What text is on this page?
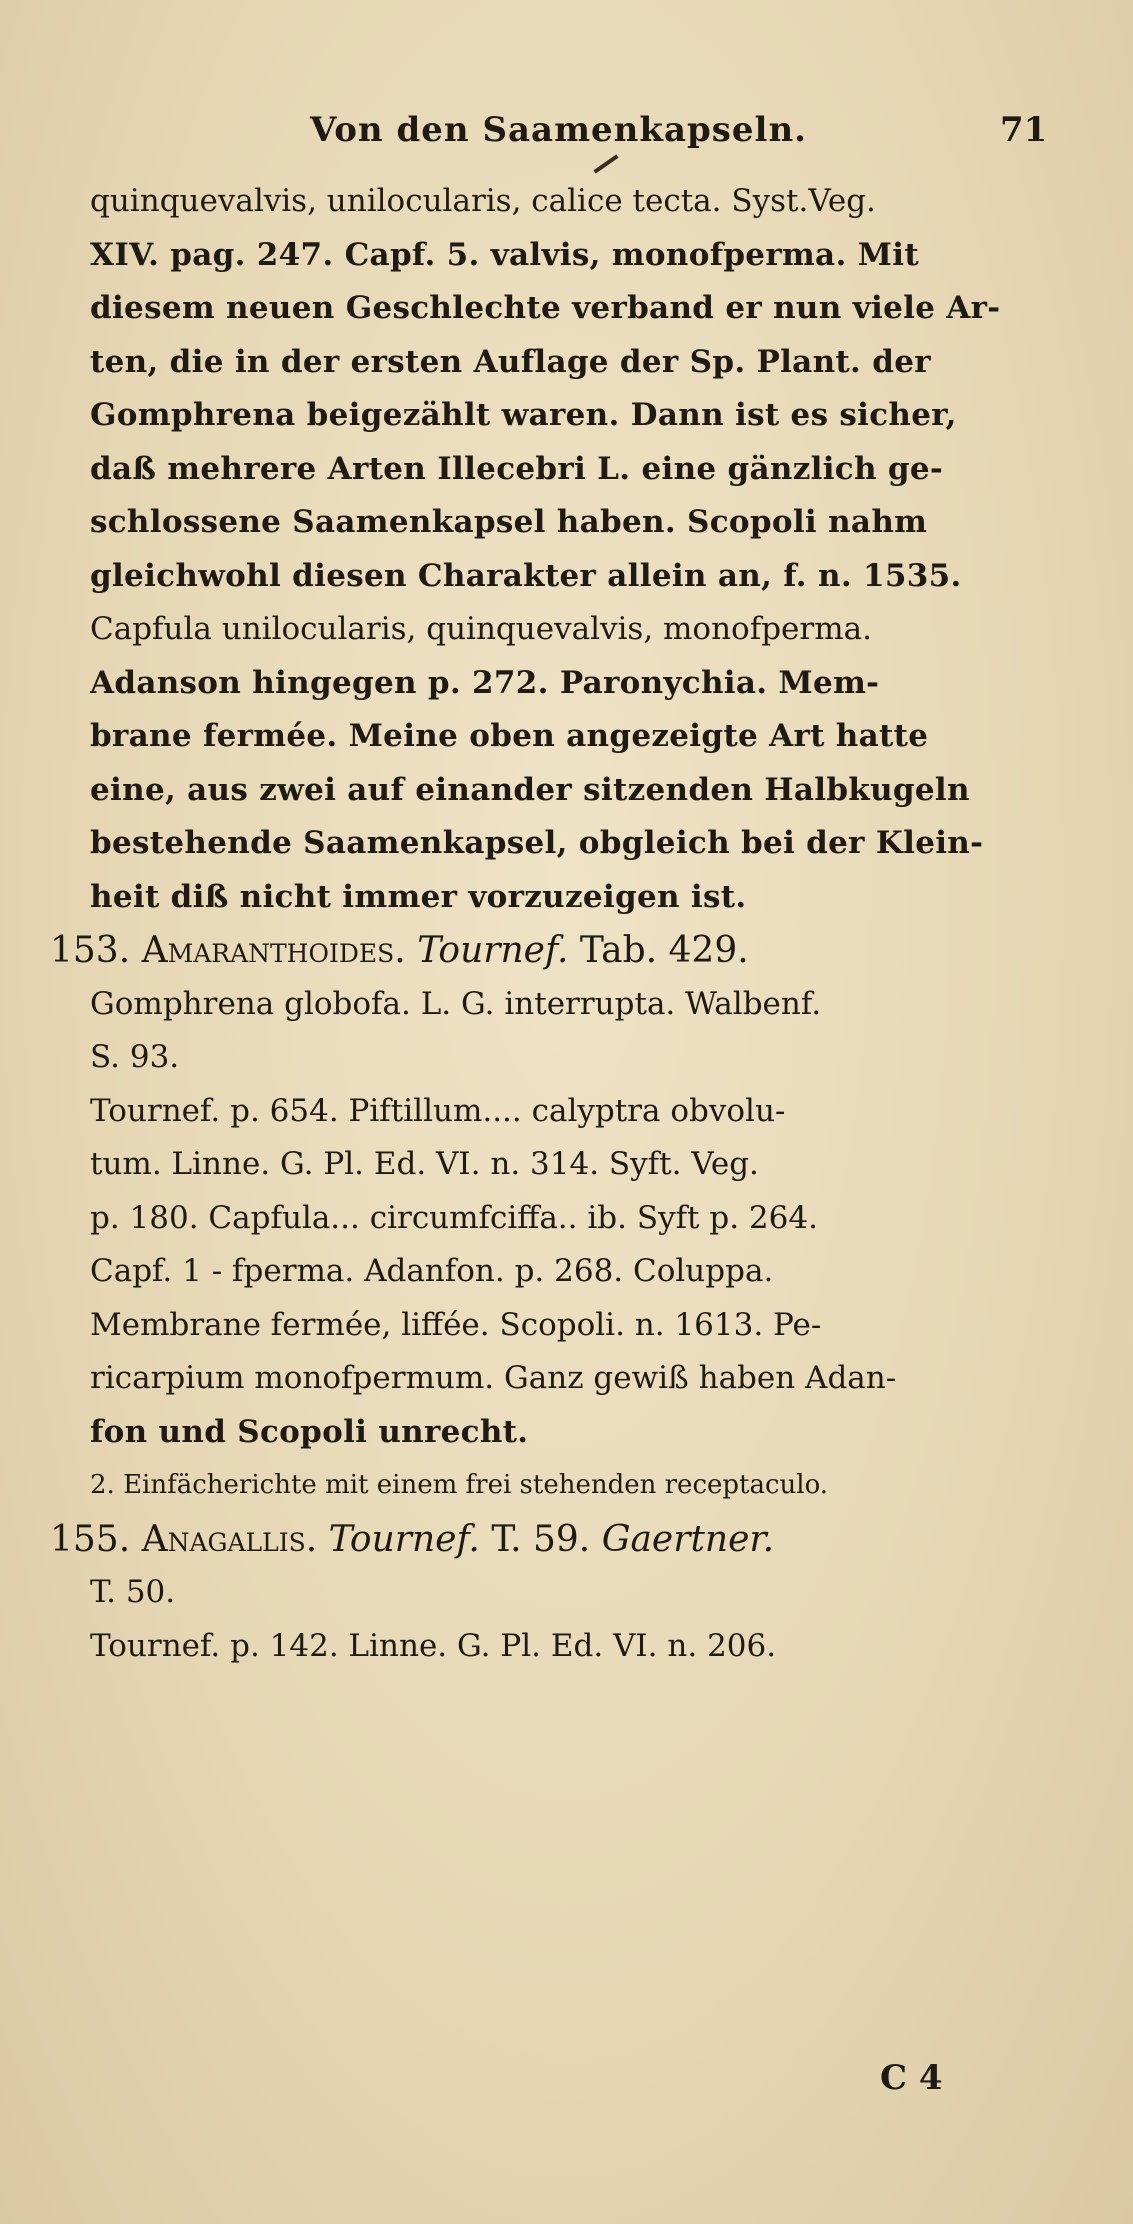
Von den Saamenkapseln.	71
quinquevalvis, unilocularis, calice tecta. Syst.Veg.
XIV. pag. 247. Capf. 5. valvis, monofperma. Mit
diesem neuen Geschlechte verband er nun viele Ar-
ten, die in der ersten Auflage der Sp. Plant. der
Gomphrena beigezählt waren. Dann ist es sicher,
daß mehrere Arten Illecebri L. eine gänzlich ge-
schlossene Saamenkapsel haben. Scopoli nahm
gleichwohl diesen Charakter allein an, f. n. 1535.
Capfula unilocularis, quinquevalvis, monofperma.
Adanson hingegen p. 272. Paronychia. Mem-
brane fermée. Meine oben angezeigte Art hatte
eine, aus zwei auf einander sitzenden Halbkugeln
bestehende Saamenkapsel, obgleich bei der Klein-
heit diß nicht immer vorzuzeigen ist.
153. Amaranthoides. Tournef. Tab. 429.
Gomphrena globofa. L. G. interrupta. Walbenf.
S. 93.
Tournef. p. 654. Piftillum.... calyptra obvolu-
tum. Linne. G. Pl. Ed. VI. n. 314. Syft. Veg.
p. 180. Capfula... circumfciffa.. ib. Syft p. 264.
Capf. 1 - fperma. Adanfon. p. 268. Coluppa.
Membrane fermée, liffée. Scopoli. n. 1613. Pe-
ricarpium monofpermum. Ganz gewiß haben Adan-
fon und Scopoli unrecht.
2. Einfächerichte mit einem frei stehenden receptaculo.
155. Anagallis. Tournef. T. 59. Gaertner.
T. 50.
Tournef. p. 142. Linne. G. Pl. Ed. VI. n. 206.
C 4
